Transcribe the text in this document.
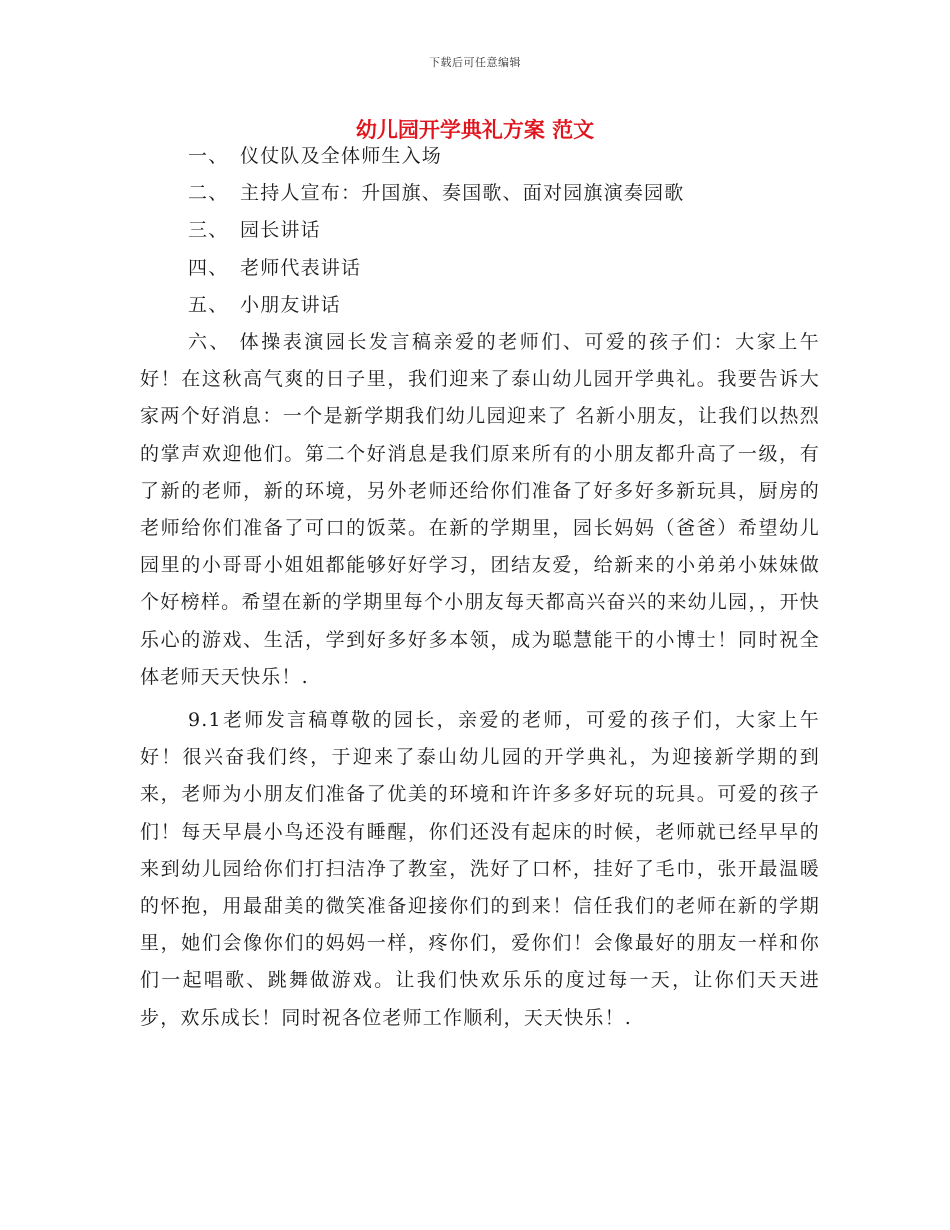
下载后可任意编辑
幼儿园开学典礼方案 范文
一、 仪仗队及全体师生入场
二、 主持人宣布：升国旗、奏国歌、面对园旗演奏园歌
三、 园长讲话
四、 老师代表讲话
五、 小朋友讲话

六、 体操表演园长发言稿亲爱的老师们、可爱的孩子们：大家上午好！在这秋高气爽的日子里，我们迎来了泰山幼儿园开学典礼。我要告诉大家两个好消息：一个是新学期我们幼儿园迎来了 名新小朋友，让我们以热烈的掌声欢迎他们。第二个好消息是我们原来所有的小朋友都升高了一级，有了新的老师，新的环境，另外老师还给你们准备了好多好多新玩具，厨房的老师给你们准备了可口的饭菜。在新的学期里，园长妈妈（爸爸）希望幼儿园里的小哥哥小姐姐都能够好好学习，团结友爱，给新来的小弟弟小妹妹做个好榜样。希望在新的学期里每个小朋友每天都高兴奋兴的来幼儿园，，开快乐心的游戏、生活，学到好多好多本领，成为聪慧能干的小博士！同时祝全体老师天天快乐！.

9.1老师发言稿尊敬的园长，亲爱的老师，可爱的孩子们，大家上午好！很兴奋我们终，于迎来了泰山幼儿园的开学典礼，为迎接新学期的到来，老师为小朋友们准备了优美的环境和许许多多好玩的玩具。可爱的孩子们！每天早晨小鸟还没有睡醒，你们还没有起床的时候，老师就已经早早的来到幼儿园给你们打扫洁净了教室，洗好了口杯，挂好了毛巾，张开最温暖的怀抱，用最甜美的微笑准备迎接你们的到来！信任我们的老师在新的学期里，她们会像你们的妈妈一样，疼你们，爱你们！会像最好的朋友一样和你们一起唱歌、跳舞做游戏。让我们快欢乐乐的度过每一天，让你们天天进步，欢乐成长！同时祝各位老师工作顺利，天天快乐！.
